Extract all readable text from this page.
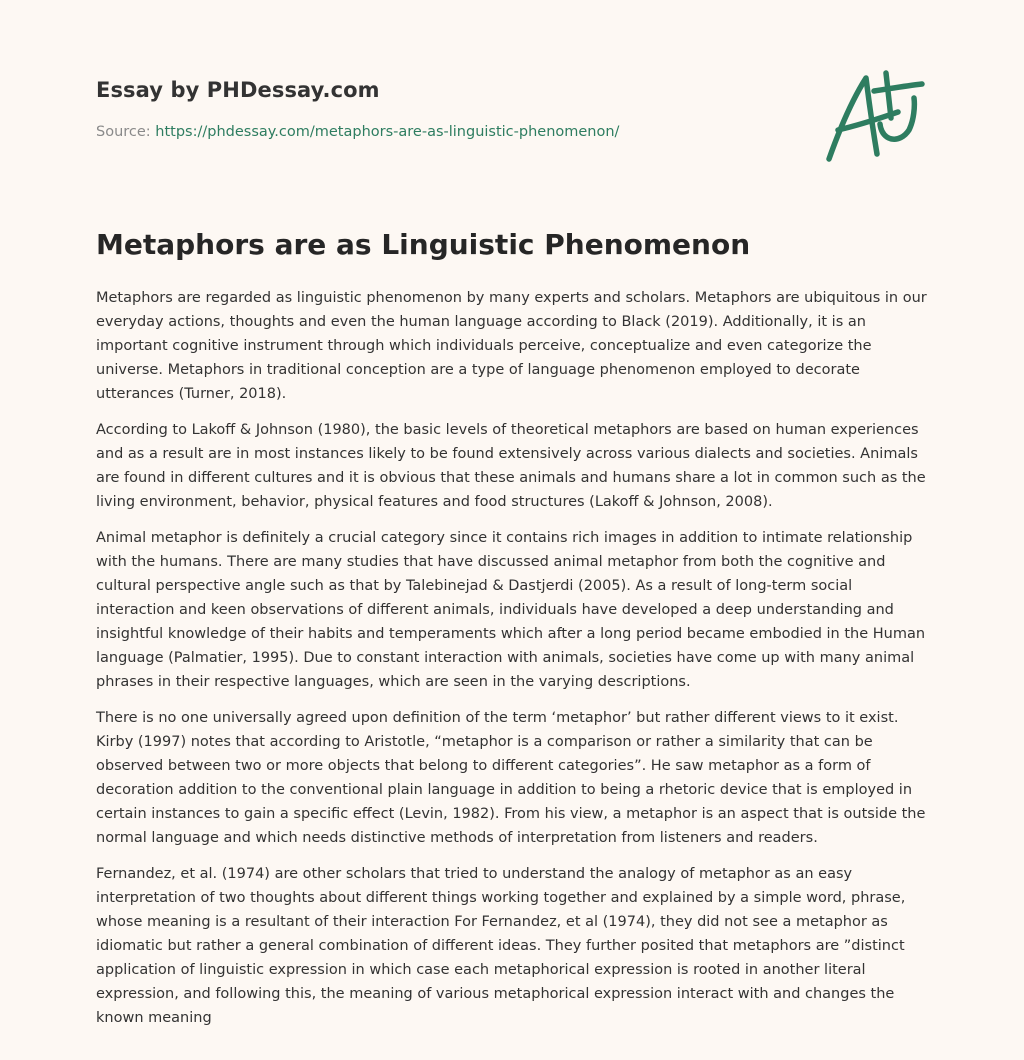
Essay by PHDessay.com
Source: https://phdessay.com/metaphors-are-as-linguistic-phenomenon/
Metaphors are as Linguistic Phenomenon

Metaphors are regarded as linguistic phenomenon by many experts and scholars. Metaphors are ubiquitous in our everyday actions, thoughts and even the human language according to Black (2019). Additionally, it is an important cognitive instrument through which individuals perceive, conceptualize and even categorize the universe. Metaphors in traditional conception are a type of language phenomenon employed to decorate utterances (Turner, 2018).

According to Lakoff & Johnson (1980), the basic levels of theoretical metaphors are based on human experiences and as a result are in most instances likely to be found extensively across various dialects and societies. Animals are found in different cultures and it is obvious that these animals and humans share a lot in common such as the living environment, behavior, physical features and food structures (Lakoff & Johnson, 2008).

Animal metaphor is definitely a crucial category since it contains rich images in addition to intimate relationship with the humans. There are many studies that have discussed animal metaphor from both the cognitive and cultural perspective angle such as that by Talebinejad & Dastjerdi (2005). As a result of long-term social interaction and keen observations of different animals, individuals have developed a deep understanding and insightful knowledge of their habits and temperaments which after a long period became embodied in the Human language (Palmatier, 1995). Due to constant interaction with animals, societies have come up with many animal phrases in their respective languages, which are seen in the varying descriptions.

There is no one universally agreed upon definition of the term ‘metaphor’ but rather different views to it exist. Kirby (1997) notes that according to Aristotle, “metaphor is a comparison or rather a similarity that can be observed between two or more objects that belong to different categories”. He saw metaphor as a form of decoration addition to the conventional plain language in addition to being a rhetoric device that is employed in certain instances to gain a specific effect (Levin, 1982). From his view, a metaphor is an aspect that is outside the normal language and which needs distinctive methods of interpretation from listeners and readers.

Fernandez, et al. (1974) are other scholars that tried to understand the analogy of metaphor as an easy interpretation of two thoughts about different things working together and explained by a simple word, phrase, whose meaning is a resultant of their interaction For Fernandez, et al (1974), they did not see a metaphor as idiomatic but rather a general combination of different ideas. They further posited that metaphors are ”distinct application of linguistic expression in which case each metaphorical expression is rooted in another literal expression, and following this, the meaning of various metaphorical expression interact with and changes the known meaning
